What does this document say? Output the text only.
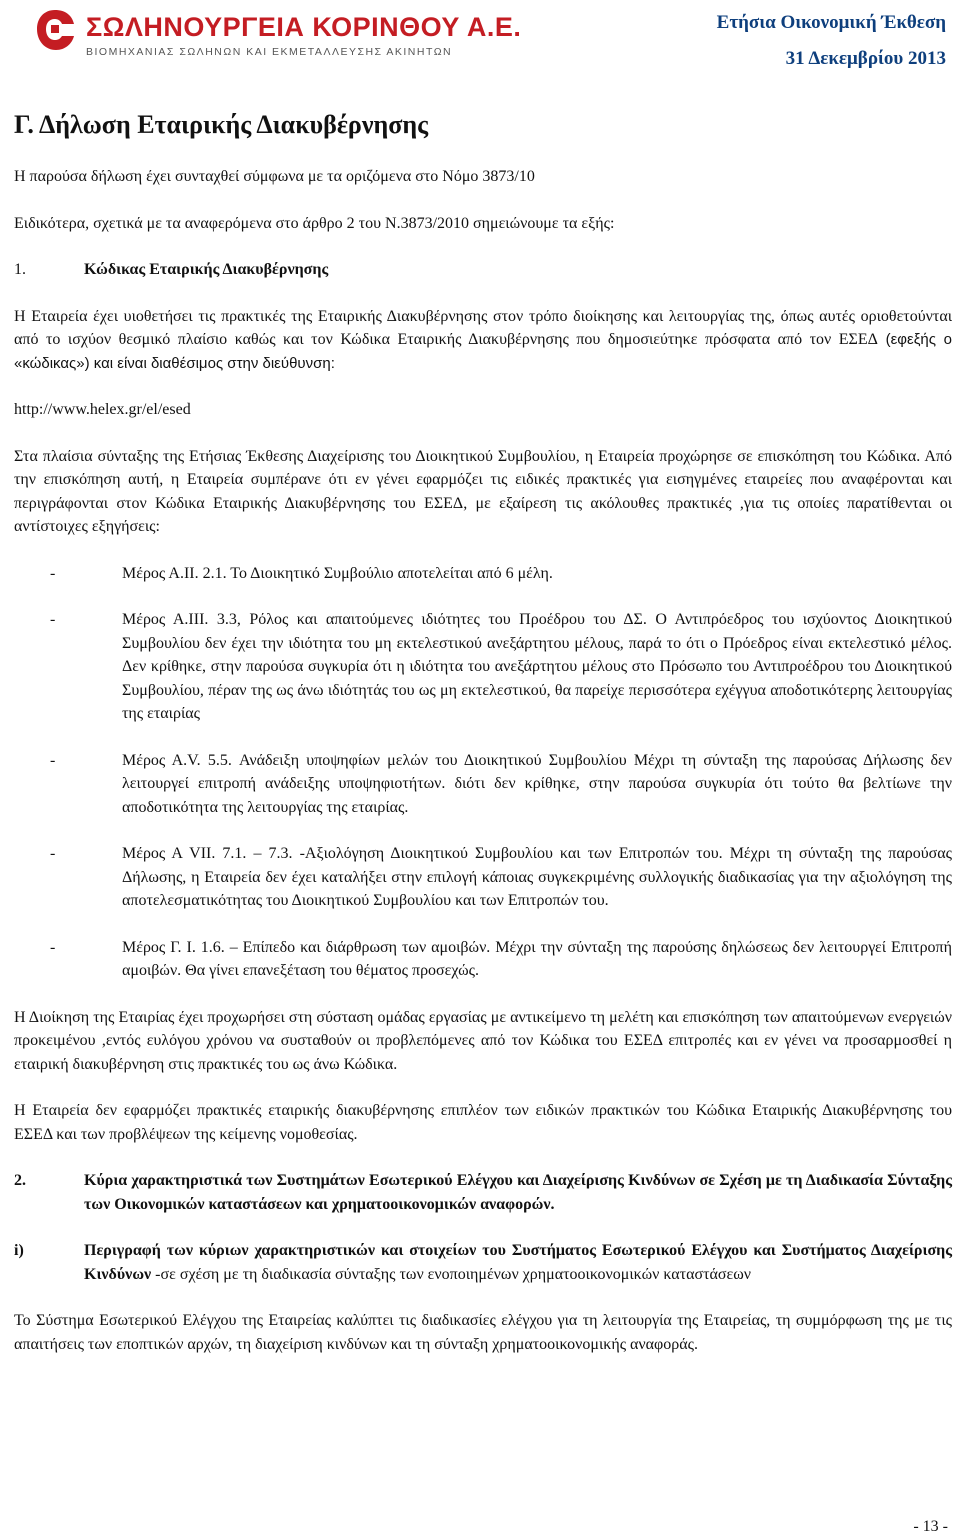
ΣΩΛΗΝΟΥΡΓΕΙΑ ΚΟΡΙΝΘΟΥ Α.Ε.
ΒΙΟΜΗΧΑΝΙΑΣ ΣΩΛΗΝΩΝ ΚΑΙ ΕΚΜΕΤΑΛΛΕΥΣΗΣ ΑΚΙΝΗΤΩΝ
Ετήσια Οικονομική Έκθεση
31 Δεκεμβρίου 2013
Γ. Δήλωση Εταιρικής Διακυβέρνησης

Η παρούσα δήλωση έχει συνταχθεί σύμφωνα με τα οριζόμενα στο Νόμο 3873/10

Ειδικότερα, σχετικά με τα αναφερόμενα στο άρθρο 2 του Ν.3873/2010 σημειώνουμε τα εξής:

1.	Κώδικας Εταιρικής Διακυβέρνησης

Η Εταιρεία έχει υιοθετήσει τις πρακτικές της Εταιρικής Διακυβέρνησης στον τρόπο διοίκησης και λειτουργίας της, όπως αυτές οριοθετούνται από το ισχύον θεσμικό πλαίσιο καθώς και τον Κώδικα Εταιρικής Διακυβέρνησης που δημοσιεύτηκε πρόσφατα από τον ΕΣΕΔ (εφεξής ο «κώδικας») και είναι διαθέσιμος στην διεύθυνση:

http://www.helex.gr/el/esed

Στα πλαίσια σύνταξης της Ετήσιας Έκθεσης Διαχείρισης του Διοικητικού Συμβουλίου, η Εταιρεία προχώρησε σε επισκόπηση του Κώδικα. Από την επισκόπηση αυτή, η Εταιρεία συμπέρανε ότι εν γένει εφαρμόζει τις ειδικές πρακτικές για εισηγμένες εταιρείες που αναφέρονται και περιγράφονται στον Κώδικα Εταιρικής Διακυβέρνησης του ΕΣΕΔ, με εξαίρεση τις ακόλουθες πρακτικές ,για τις οποίες παρατίθενται οι αντίστοιχες εξηγήσεις:

-	Μέρος Α.ΙΙ. 2.1. Το Διοικητικό Συμβούλιο αποτελείται από 6 μέλη.
-	Μέρος Α.ΙΙΙ. 3.3, Ρόλος και απαιτούμενες ιδιότητες του Προέδρου του ΔΣ. Ο Αντιπρόεδρος του ισχύοντος Διοικητικού Συμβουλίου δεν έχει την ιδιότητα του μη εκτελεστικού ανεξάρτητου μέλους, παρά το ότι ο Πρόεδρος είναι εκτελεστικό μέλος. Δεν κρίθηκε, στην παρούσα συγκυρία ότι η ιδιότητα του ανεξάρτητου μέλους στο Πρόσωπο του Αντιπροέδρου του Διοικητικού Συμβουλίου, πέραν της ως άνω ιδιότητάς του ως μη εκτελεστικού, θα παρείχε περισσότερα εχέγγυα αποδοτικότερης λειτουργίας της εταιρίας
-	Μέρος Α.V. 5.5. Ανάδειξη υποψηφίων μελών του Διοικητικού Συμβουλίου Μέχρι τη σύνταξη της παρούσας Δήλωσης δεν λειτουργεί επιτροπή ανάδειξης υποψηφιοτήτων. διότι δεν κρίθηκε, στην παρούσα συγκυρία ότι τούτο θα βελτίωνε την αποδοτικότητα της λειτουργίας της εταιρίας.
-	Μέρος Α VII. 7.1. – 7.3. -Αξιολόγηση Διοικητικού Συμβουλίου και των Επιτροπών του. Μέχρι τη σύνταξη της παρούσας Δήλωσης, η Εταιρεία δεν έχει καταλήξει στην επιλογή κάποιας συγκεκριμένης συλλογικής διαδικασίας για την αξιολόγηση της αποτελεσματικότητας του Διοικητικού Συμβουλίου και των Επιτροπών του.
-	Μέρος Γ. Ι. 1.6. – Επίπεδο και διάρθρωση των αμοιβών. Μέχρι την σύνταξη της παρούσης δηλώσεως δεν λειτουργεί Επιτροπή αμοιβών. Θα γίνει επανεξέταση του θέματος προσεχώς.

Η Διοίκηση της Εταιρίας έχει προχωρήσει στη σύσταση ομάδας εργασίας με αντικείμενο τη μελέτη και επισκόπηση των απαιτούμενων ενεργειών προκειμένου ,εντός ευλόγου χρόνου να συσταθούν οι προβλεπόμενες από τον Κώδικα του ΕΣΕΔ επιτροπές και εν γένει να προσαρμοσθεί η εταιρική διακυβέρνηση στις πρακτικές του ως άνω Κώδικα.

Η Εταιρεία δεν εφαρμόζει πρακτικές εταιρικής διακυβέρνησης επιπλέον των ειδικών πρακτικών του Κώδικα Εταιρικής Διακυβέρνησης του ΕΣΕΔ και των προβλέψεων της κείμενης νομοθεσίας.

2.	Κύρια χαρακτηριστικά των Συστημάτων Εσωτερικού Ελέγχου και Διαχείρισης Κινδύνων σε Σχέση με τη Διαδικασία Σύνταξης των Οικονομικών καταστάσεων και χρηματοοικονομικών αναφορών.
i)	Περιγραφή των κύριων χαρακτηριστικών και στοιχείων του Συστήματος Εσωτερικού Ελέγχου και Συστήματος Διαχείρισης Κινδύνων -σε σχέση με τη διαδικασία σύνταξης των ενοποιημένων χρηματοοικονομικών καταστάσεων

Το Σύστημα Εσωτερικού Ελέγχου της Εταιρείας καλύπτει τις διαδικασίες ελέγχου για τη λειτουργία της Εταιρείας, τη συμμόρφωση της με τις απαιτήσεις των εποπτικών αρχών, τη διαχείριση κινδύνων και τη σύνταξη χρηματοοικονομικής αναφοράς.

- 13 -
